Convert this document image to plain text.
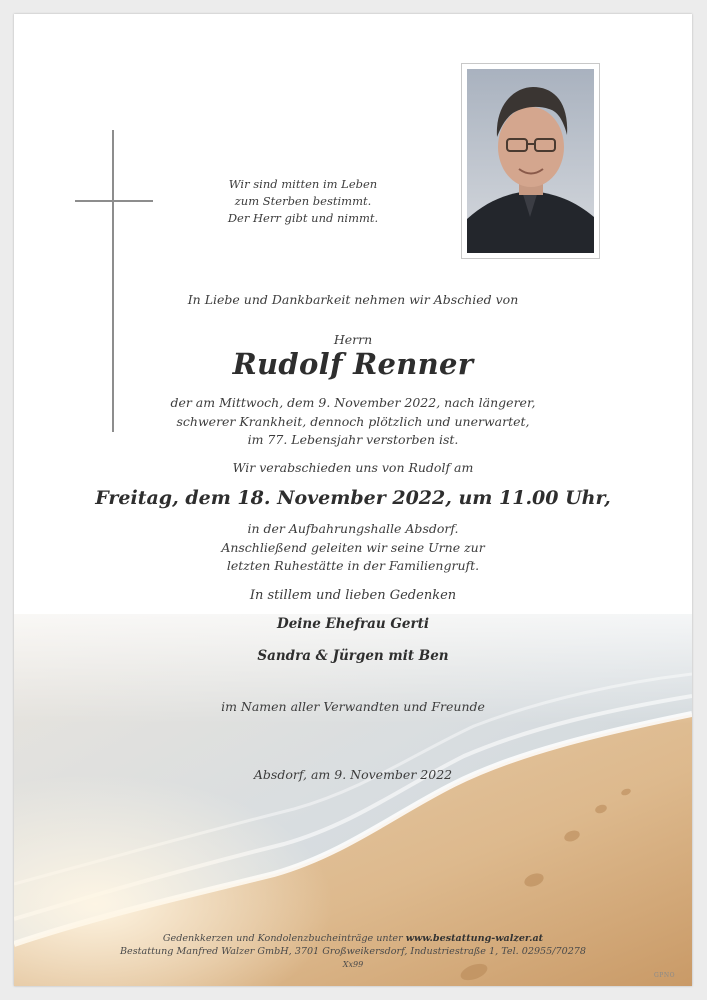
Wir sind mitten im Leben
zum Sterben bestimmt.
Der Herr gibt und nimmt.
In Liebe und Dankbarkeit nehmen wir Abschied von
Herrn
Rudolf Renner
der am Mittwoch, dem 9. November 2022, nach längerer,
schwerer Krankheit, dennoch plötzlich und unerwartet,
im 77. Lebensjahr verstorben ist.
Wir verabschieden uns von Rudolf am
Freitag, dem 18. November 2022, um 11.00 Uhr,
in der Aufbahrungshalle Absdorf.
Anschließend geleiten wir seine Urne zur
letzten Ruhestätte in der Familiengruft.
In stillem und lieben Gedenken
Deine Ehefrau Gerti
Sandra & Jürgen mit Ben
im Namen aller Verwandten und Freunde
Absdorf, am 9. November 2022
Gedenkkerzen und Kondolenzbucheinträge unter www.bestattung-walzer.at
Bestattung Manfred Walzer GmbH, 3701 Großweikersdorf, Industriestraße 1, Tel. 02955/70278
Xx99
GPNO
